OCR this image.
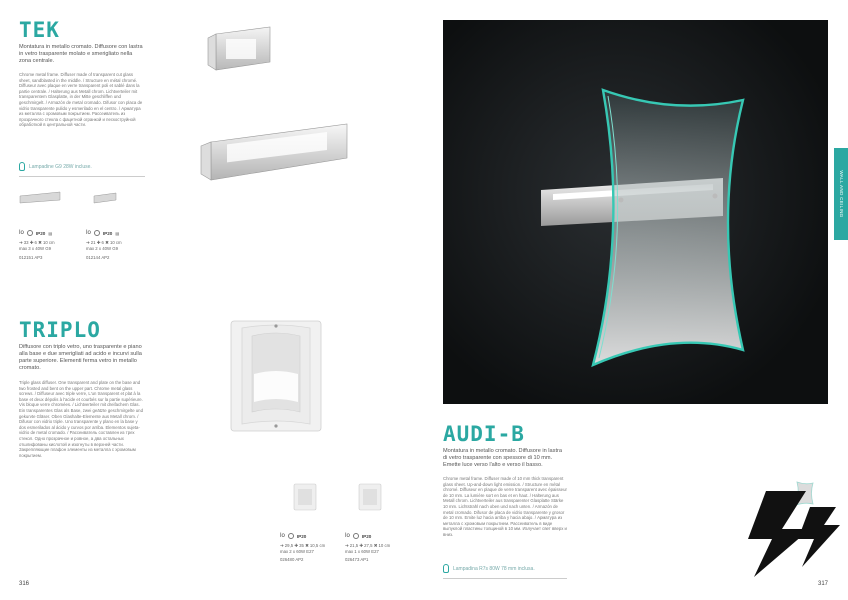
TEK
Montatura in metallo cromato. Diffusore con lastra in vetro trasparente molato e smerigliato nella zona centrale.
Chrome metal frame. Diffuser made of transparent cut glass sheet, sandblasted in the middle. / Structure en métal chromé. Diffuseur avec plaque en verre transparent poli et sablé dans la partie centrale. / Halterung aus Metall chrom. Lichtverteiler mit transparentem Glasplatte, in der Mitte geschliffen und geschmirgelt. / Armazón de metal cromado. Difusor con placa de vidrio transparente pulido y esmerilado en el centro. / Арматура из металла с хромовым покрытием. Рассеиватель из прозрачного стекла с фацетной огранкой и пескоструйной обработкой в центральной части.
Lampadine G9 28W incluse.
ǀo	IP20 ▤
➔ 33 ✚ 6 ✖ 10 cm
max 3 x 40W G9
012151 AP3
ǀo	IP20 ▤
➔ 21 ✚ 6 ✖ 10 cm
max 2 x 40W G9
012144 AP2
TRIPLO
Diffusore con triplo vetro, uno trasparente e piano alla base e due smerigliati ad acido e incurvi sulla parte superiore. Elementi ferma vetro in metallo cromato.
Triple glass diffuser. One transparent and plate on the base and two frosted and bent on the upper part. Chrome metal glass screws. / Diffuseur avec triple verre, L'un transparent et plat à la base et deux dépolis à l'acide et courbés sur la partie supérieure. Vis bloque verre chromées. / Lichtverteiler mit dreifachem Glas. Ein transparentes Glas als Base, zwei geätzte geschmirgelte und gekurvte Gläser. Oben Glashalte-Elemente aus Metall chrom. / Difusor con vidrio triple. Uno transparente y plano en la base y dos esmerilados al ácido y curvos por arriba. Elementos sujeta-vidrio de metal cromado. / Рассеиватель составлен из трех стекол. Одно прозрачное и ровное, а два остальных отшлифованы кислотой и изогнуты в верхней части. Закрепляющие плафон элементы из металла с хромовым покрытием.
ǀo	IP20
➔ 29,5 ✚ 35 ✖ 10,5 cm
max 2 x 60W E27
026480 AP2
ǀo	IP20
➔ 21,5 ✚ 27,5 ✖ 10 cm
max 1 x 60W E27
026473 AP1
316
WALL AND CEILING
AUDI-B
Montatura in metallo cromato. Diffusore in lastra di vetro trasparente con spessore di 10 mm. Emette luce verso l'alto e verso il basso.
Chrome metal frame. Diffuser made of 10 mm thick transparent glass sheet. Up-and-down light emission. / Structure en métal chromé. Diffuseur en plaque de verre transparent avec épaisseur de 10 mm. La lumière sort en bas et en haut. / Halterung aus Metall chrom. Lichtverteiler aus transparenter Glasplatte Stärke 10 mm. Lichtstrahl nach oben und nach unten. / Armazón de metal cromado. Difusor de placa de vidrio transparente y grosor de 10 mm. Emite luz hacia arriba y hacia abajo. / Арматура из металла с хромовым покрытием. Рассеиватель в виде выпуклой пластины толщиной в 10 мм. Излучает свет вверх и вниз.
Lampadina R7s 80W 78 mm inclusa.
317
